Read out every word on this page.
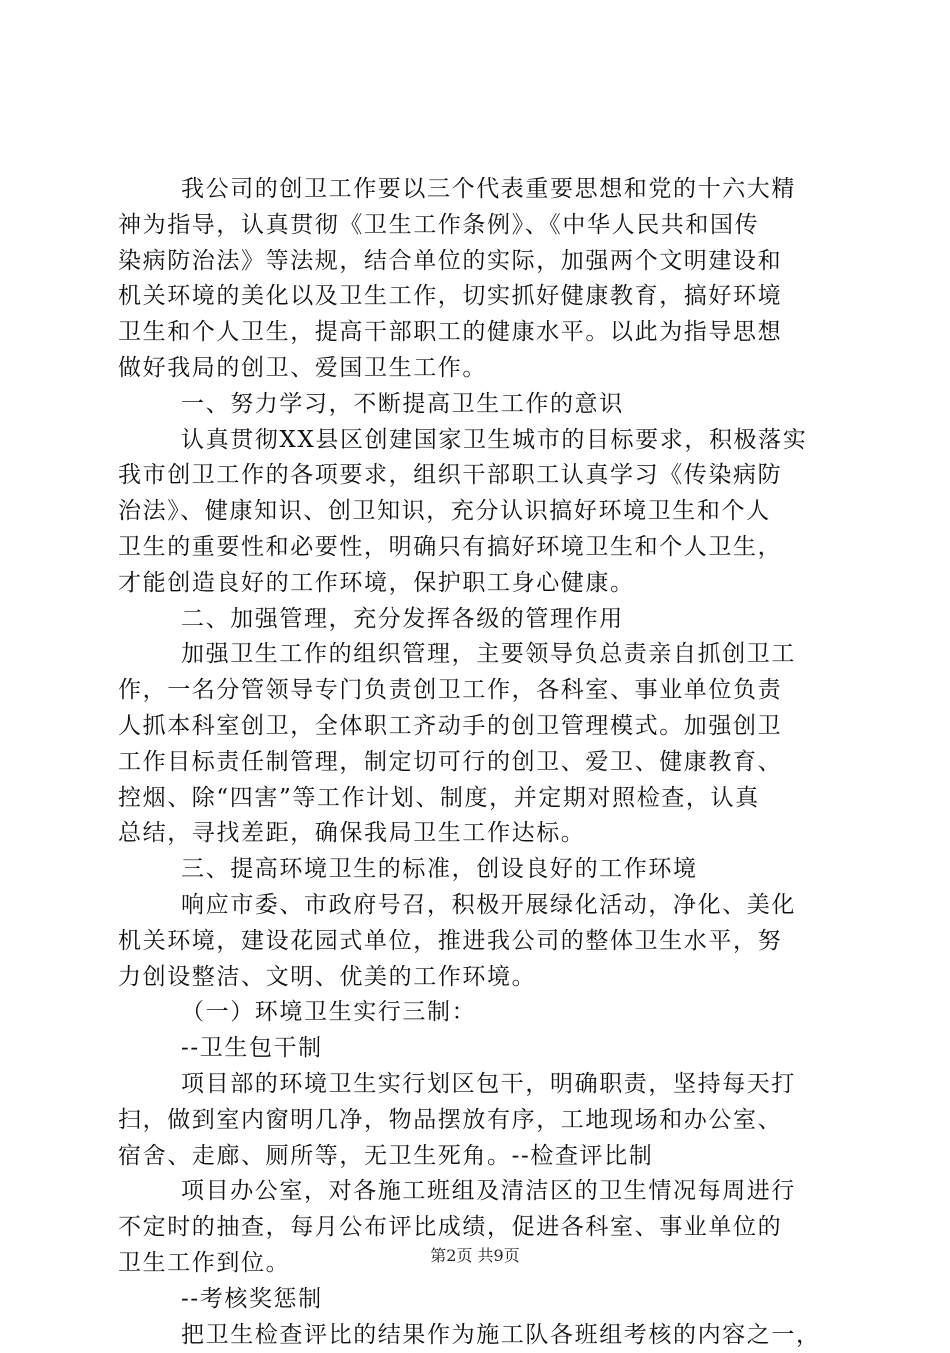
我公司的创卫工作要以三个代表重要思想和党的十六大精
神为指导，认真贯彻《卫生工作条例》、《中华人民共和国传
染病防治法》等法规，结合单位的实际，加强两个文明建设和
机关环境的美化以及卫生工作，切实抓好健康教育，搞好环境
卫生和个人卫生，提高干部职工的健康水平。以此为指导思想
做好我局的创卫、爱国卫生工作。
一、努力学习，不断提高卫生工作的意识
认真贯彻XX县区创建国家卫生城市的目标要求，积极落实
我市创卫工作的各项要求，组织干部职工认真学习《传染病防
治法》、健康知识、创卫知识，充分认识搞好环境卫生和个人
卫生的重要性和必要性，明确只有搞好环境卫生和个人卫生，
才能创造良好的工作环境，保护职工身心健康。
二、加强管理，充分发挥各级的管理作用
加强卫生工作的组织管理，主要领导负总责亲自抓创卫工
作，一名分管领导专门负责创卫工作，各科室、事业单位负责
人抓本科室创卫，全体职工齐动手的创卫管理模式。加强创卫
工作目标责任制管理，制定切可行的创卫、爱卫、健康教育、
控烟、除“四害”等工作计划、制度，并定期对照检查，认真
总结，寻找差距，确保我局卫生工作达标。
三、提高环境卫生的标准，创设良好的工作环境
响应市委、市政府号召，积极开展绿化活动，净化、美化
机关环境，建设花园式单位，推进我公司的整体卫生水平，努
力创设整洁、文明、优美的工作环境。
（一）环境卫生实行三制：
--卫生包干制
项目部的环境卫生实行划区包干，明确职责，坚持每天打
扫，做到室内窗明几净，物品摆放有序，工地现场和办公室、
宿舍、走廊、厕所等，无卫生死角。--检查评比制
项目办公室，对各施工班组及清洁区的卫生情况每周进行
不定时的抽查，每月公布评比成绩，促进各科室、事业单位的
卫生工作到位。
--考核奖惩制
把卫生检查评比的结果作为施工队各班组考核的内容之一，
第2页 共9页
